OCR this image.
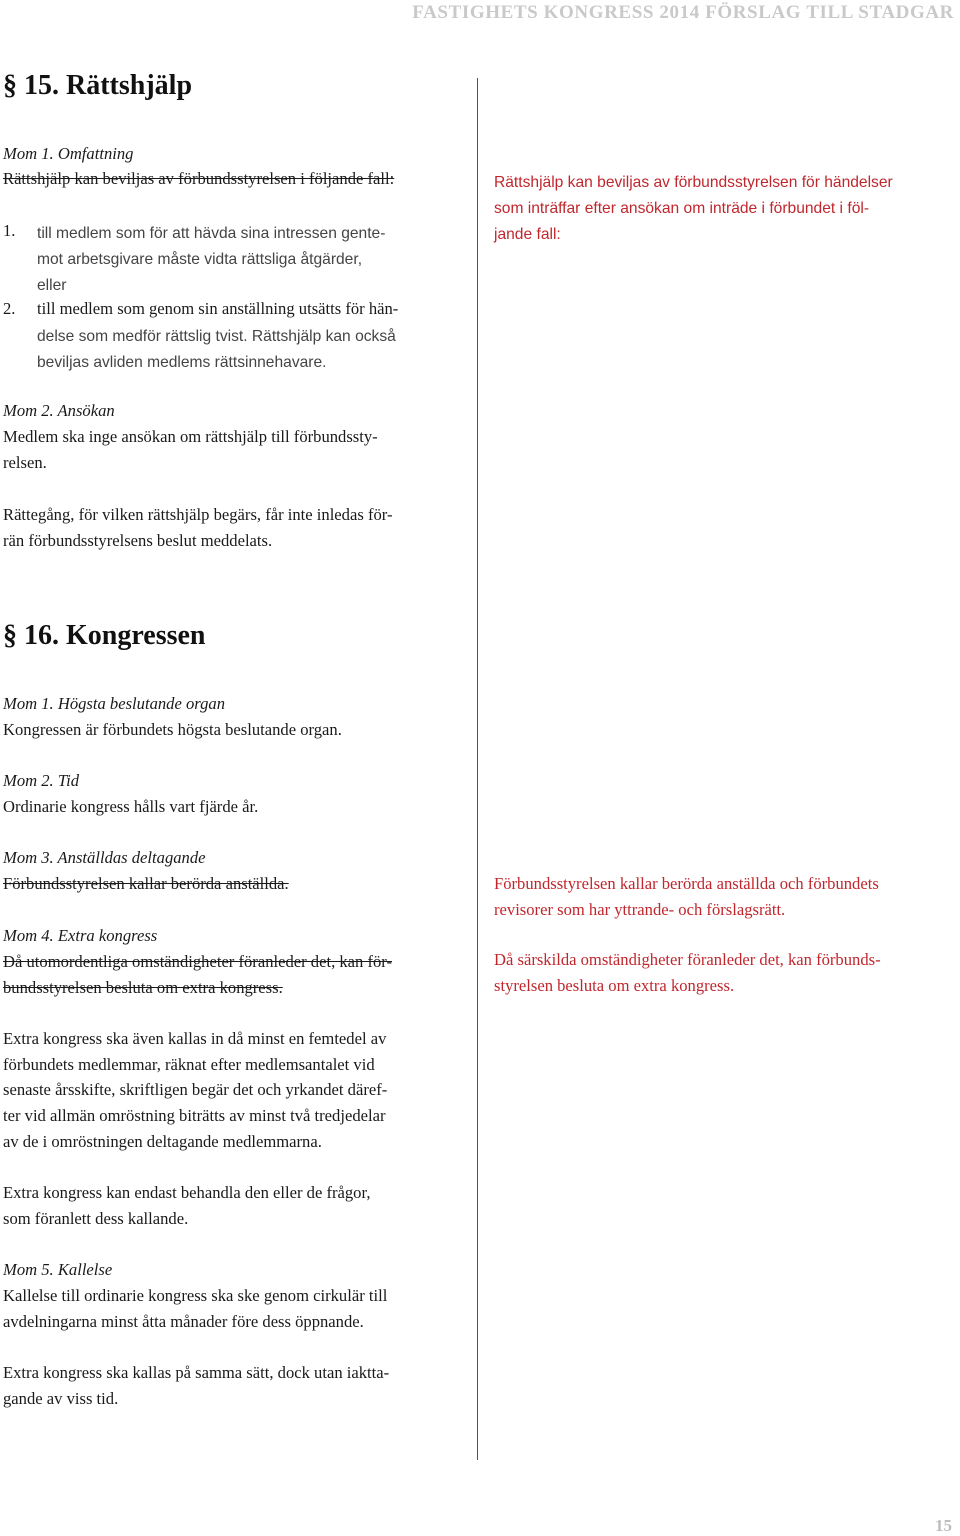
FASTIGHETS KONGRESS 2014 FÖRSLAG TILL STADGAR
§ 15. Rättshjälp
Mom 1. Omfattning
Rättshjälp kan beviljas av förbundsstyrelsen i följande fall:
1. till medlem som för att hävda sina intressen gente-
mot arbetsgivare måste vidta rättsliga åtgärder,
eller
2. till medlem som genom sin anställning utsätts för hän-
delse som medför rättslig tvist. Rättshjälp kan också
beviljas avliden medlems rättsinnehavare.
Rättshjälp kan beviljas av förbundsstyrelsen för händelser
som inträffar efter ansökan om inträde i förbundet i föl-
jande fall:
Mom 2. Ansökan
Medlem ska inge ansökan om rättshjälp till förbundssty-
relsen.
Rättegång, för vilken rättshjälp begärs, får inte inledas för-
rän förbundsstyrelsens beslut meddelats.
§ 16. Kongressen
Mom 1. Högsta beslutande organ
Kongressen är förbundets högsta beslutande organ.
Mom 2. Tid
Ordinarie kongress hålls vart fjärde år.
Mom 3. Anställdas deltagande
Förbundsstyrelsen kallar berörda anställda.	Förbundsstyrelsen kallar berörda anställda och förbundets
revisorer som har yttrande- och förslagsrätt.
Mom 4. Extra kongress
Då utomordentliga omständigheter föranleder det, kan för-
bundsstyrelsen besluta om extra kongress.
Då särskilda omständigheter föranleder det, kan förbunds-
styrelsen besluta om extra kongress.
Extra kongress ska även kallas in då minst en femtedel av
förbundets medlemmar, räknat efter medlemsantalet vid
senaste årsskifte, skriftligen begär det och yrkandet däref-
ter vid allmän omröstning biträtts av minst två tredjedelar
av de i omröstningen deltagande medlemmarna.
Extra kongress kan endast behandla den eller de frågor,
som föranlett dess kallande.
Mom 5. Kallelse
Kallelse till ordinarie kongress ska ske genom cirkulär till
avdelningarna minst åtta månader före dess öppnande.
Extra kongress ska kallas på samma sätt, dock utan iaktta-
gande av viss tid.
15
